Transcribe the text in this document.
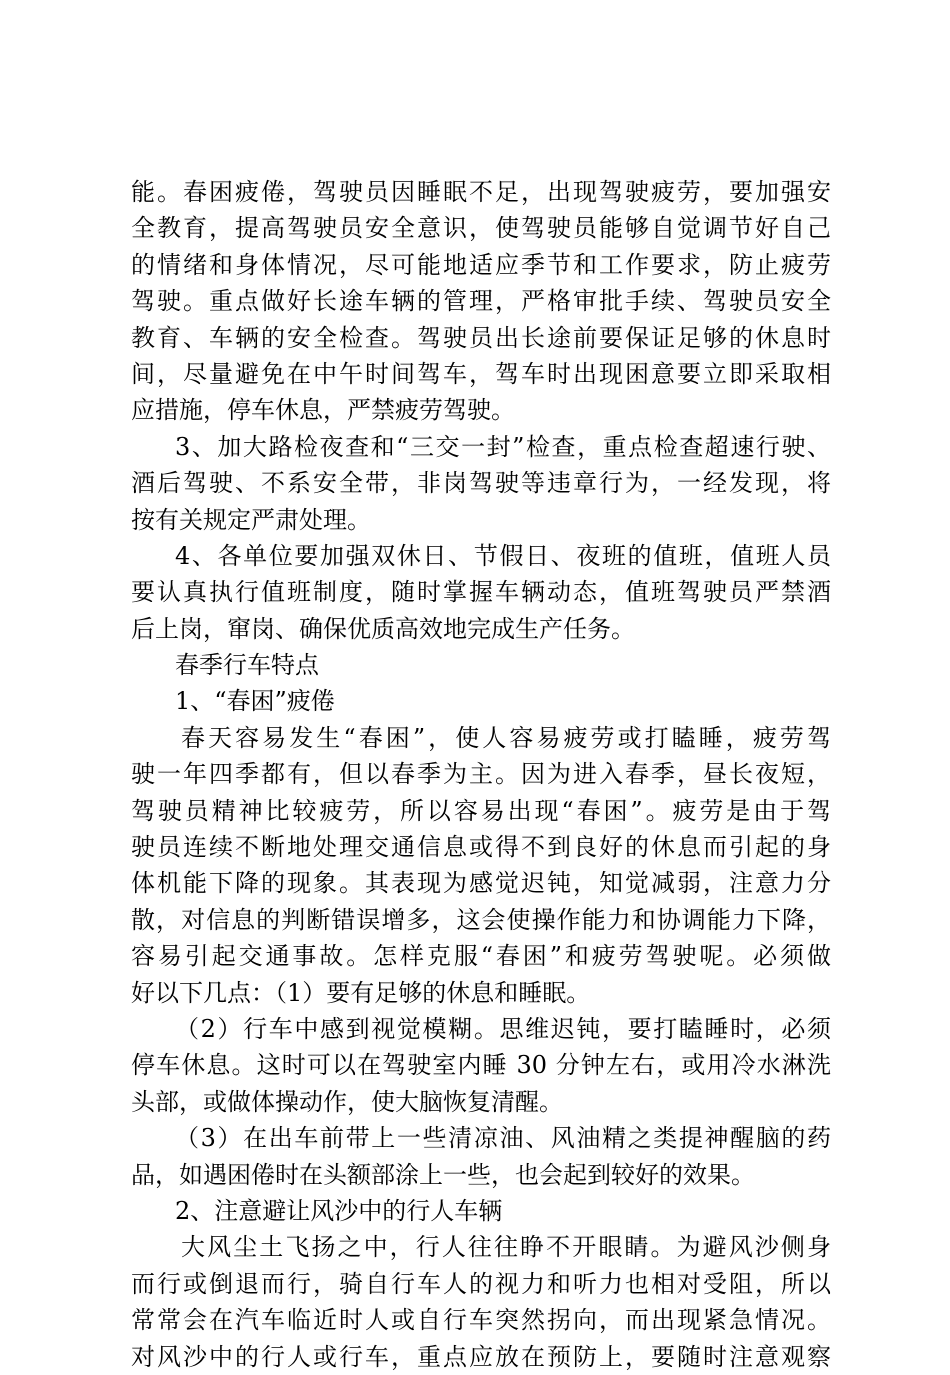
能。春困疲倦，驾驶员因睡眠不足，出现驾驶疲劳，要加强安
全教育，提高驾驶员安全意识，使驾驶员能够自觉调节好自己
的情绪和身体情况，尽可能地适应季节和工作要求，防止疲劳
驾驶。重点做好长途车辆的管理，严格审批手续、驾驶员安全
教育、车辆的安全检查。驾驶员出长途前要保证足够的休息时
间，尽量避免在中午时间驾车，驾车时出现困意要立即采取相
应措施，停车休息，严禁疲劳驾驶。
3、加大路检夜查和“三交一封”检查，重点检查超速行驶、
酒后驾驶、不系安全带，非岗驾驶等违章行为，一经发现，将
按有关规定严肃处理。
4、各单位要加强双休日、节假日、夜班的值班，值班人员
要认真执行值班制度，随时掌握车辆动态，值班驾驶员严禁酒
后上岗，窜岗、确保优质高效地完成生产任务。
春季行车特点
1、“春困”疲倦
春天容易发生“春困”，使人容易疲劳或打瞌睡，疲劳驾
驶一年四季都有，但以春季为主。因为进入春季，昼长夜短，
驾驶员精神比较疲劳，所以容易出现“春困”。疲劳是由于驾
驶员连续不断地处理交通信息或得不到良好的休息而引起的身
体机能下降的现象。其表现为感觉迟钝，知觉减弱，注意力分
散，对信息的判断错误增多，这会使操作能力和协调能力下降，
容易引起交通事故。怎样克服“春困”和疲劳驾驶呢。必须做
好以下几点：（1）要有足够的休息和睡眠。
（2）行车中感到视觉模糊。思维迟钝，要打瞌睡时，必须
停车休息。这时可以在驾驶室内睡 30 分钟左右，或用冷水淋洗
头部，或做体操动作，使大脑恢复清醒。
（3）在出车前带上一些清凉油、风油精之类提神醒脑的药
品，如遇困倦时在头额部涂上一些，也会起到较好的效果。
2、注意避让风沙中的行人车辆
大风尘土飞扬之中，行人往往睁不开眼睛。为避风沙侧身
而行或倒退而行，骑自行车人的视力和听力也相对受阻，所以
常常会在汽车临近时人或自行车突然拐向，而出现紧急情况。
对风沙中的行人或行车，重点应放在预防上，要随时注意观察
